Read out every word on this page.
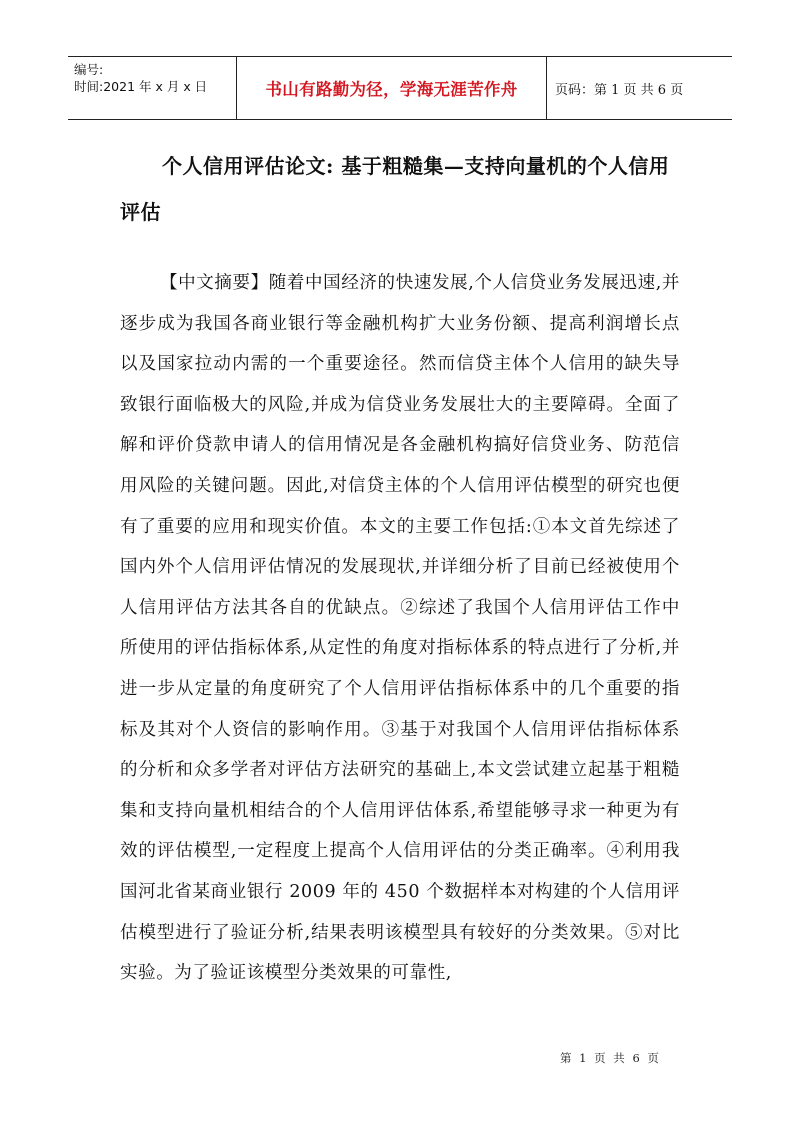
编号:
时间:2021 年 x 月 x 日	书山有路勤为径，学海无涯苦作舟	页码：第 1 页 共 6 页
个人信用评估论文: 基于粗糙集—支持向量机的个人信用评估

【中文摘要】随着中国经济的快速发展,个人信贷业务发展迅速,并逐步成为我国各商业银行等金融机构扩大业务份额、提高利润增长点以及国家拉动内需的一个重要途径。然而信贷主体个人信用的缺失导致银行面临极大的风险,并成为信贷业务发展壮大的主要障碍。全面了解和评价贷款申请人的信用情况是各金融机构搞好信贷业务、防范信用风险的关键问题。因此,对信贷主体的个人信用评估模型的研究也便有了重要的应用和现实价值。本文的主要工作包括:①本文首先综述了国内外个人信用评估情况的发展现状,并详细分析了目前已经被使用个人信用评估方法其各自的优缺点。②综述了我国个人信用评估工作中所使用的评估指标体系,从定性的角度对指标体系的特点进行了分析,并进一步从定量的角度研究了个人信用评估指标体系中的几个重要的指标及其对个人资信的影响作用。③基于对我国个人信用评估指标体系的分析和众多学者对评估方法研究的基础上,本文尝试建立起基于粗糙集和支持向量机相结合的个人信用评估体系,希望能够寻求一种更为有效的评估模型,一定程度上提高个人信用评估的分类正确率。④利用我国河北省某商业银行 2009 年的 450 个数据样本对构建的个人信用评估模型进行了验证分析,结果表明该模型具有较好的分类效果。⑤对比实验。为了验证该模型分类效果的可靠性,

第 1 页 共 6 页
